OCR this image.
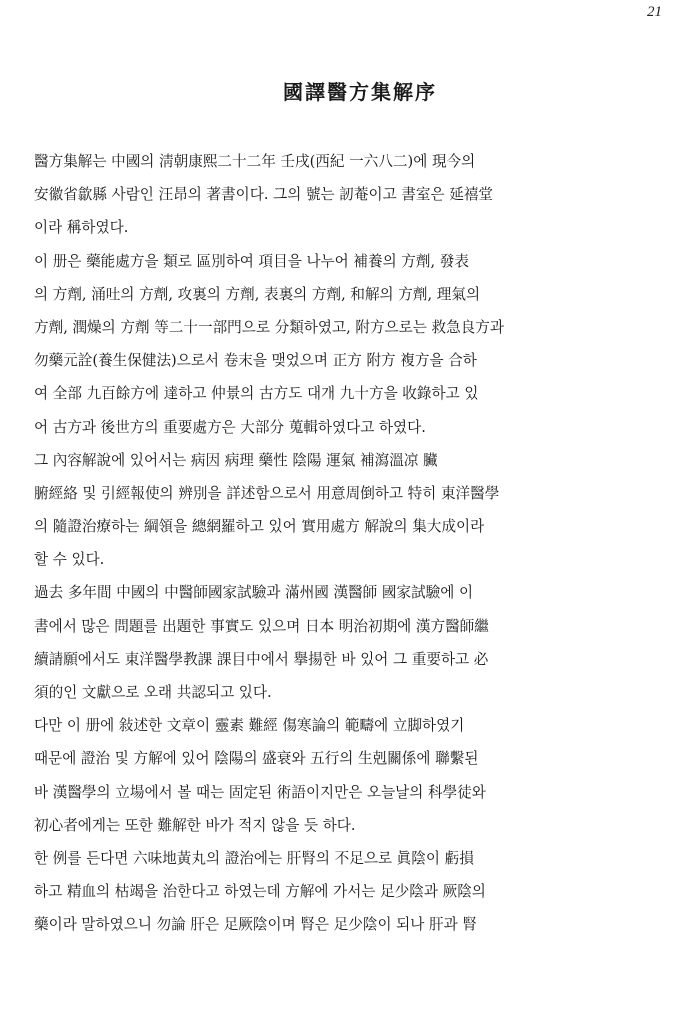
21
國譯醫方集解序
醫方集解는 中國의 淸朝康熙二十二年 壬戌(西紀 一六八二)에 現今의
安徽省歙縣 사람인 汪昂의 著書이다. 그의 號는 訒菴이고 書室은 延禧堂
이라 稱하였다.
이 册은 藥能處方을 類로 區別하여 項目을 나누어 補養의 方劑, 發表
의 方劑, 涌吐의 方劑, 攻裏의 方劑, 表裏의 方劑, 和解의 方劑, 理氣의
方劑, 潤燥의 方劑 等二十一部門으로 分類하였고, 附方으로는 救急良方과
勿藥元詮(養生保健法)으로서 卷末을 맺었으며 正方 附方 複方을 合하
여 全部 九百餘方에 達하고 仲景의 古方도 대개 九十方을 收錄하고 있
어 古方과 後世方의 重要處方은 大部分 蒐輯하였다고 하였다.
그 內容解說에 있어서는 病因 病理 藥性 陰陽 運氣 補瀉溫凉 臟
腑經絡 및 引經報使의 辨別을 詳述함으로서 用意周倒하고 特히 東洋醫學
의 隨證治療하는 綱領을 總網羅하고 있어 實用處方 解說의 集大成이라
할 수 있다.
過去 多年間 中國의 中醫師國家試驗과 滿州國 漢醫師 國家試驗에 이
書에서 많은 問題를 出題한 事實도 있으며 日本 明治初期에 漢方醫師繼
續請願에서도 東洋醫學教課 課目中에서 擧揚한 바 있어 그 重要하고 必
須的인 文獻으로 오래 共認되고 있다.
다만 이 册에 敍述한 文章이 靈素 難經 傷寒論의 範疇에 立脚하였기
때문에 證治 및 方解에 있어 陰陽의 盛衰와 五行의 生剋關係에 聯繫된
바 漢醫學의 立場에서 볼 때는 固定된 術語이지만은 오늘날의 科學徒와
初心者에게는 또한 難解한 바가 적지 않을 듯 하다.
한 例를 든다면 六味地黃丸의 證治에는 肝腎의 不足으로 眞陰이 虧損
하고 精血의 枯竭을 治한다고 하였는데 方解에 가서는 足少陰과 厥陰의
藥이라 말하였으니 勿論 肝은 足厥陰이며 腎은 足少陰이 되나 肝과 腎
